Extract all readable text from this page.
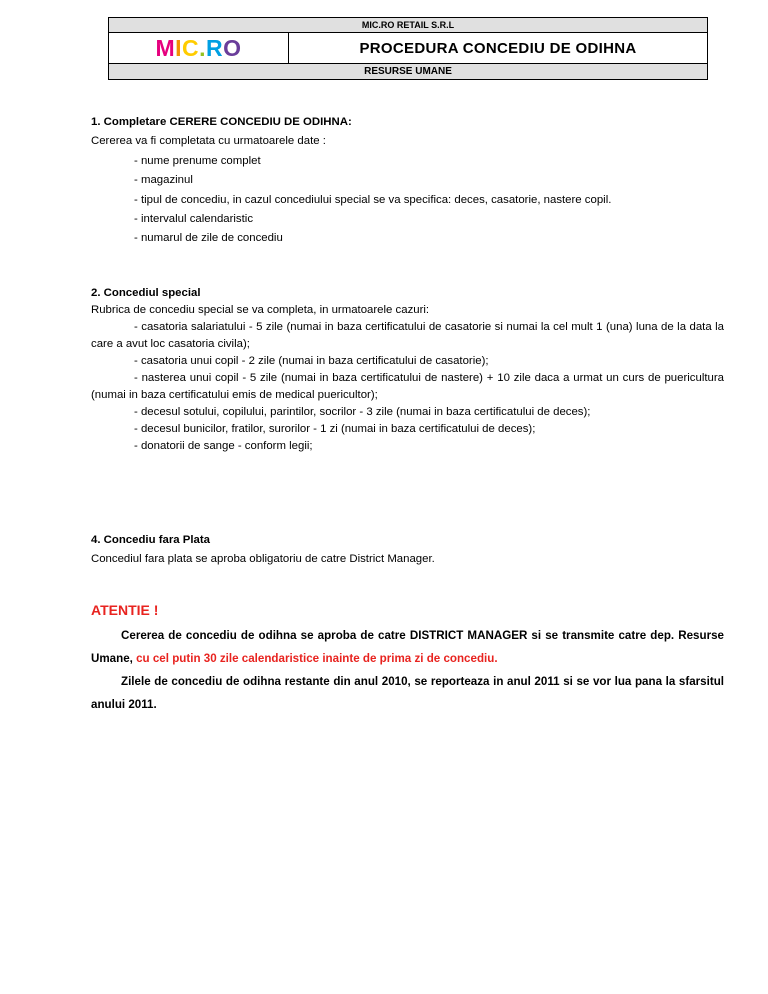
MIC.RO RETAIL S.R.L
MIC.RO	PROCEDURA CONCEDIU DE ODIHNA
RESURSE UMANE

1. Completare CERERE CONCEDIU DE ODIHNA:

Cererea va fi completata cu urmatoarele date :

- nume prenume complet

- magazinul

- tipul de concediu, in cazul concediului special se va specifica: deces, casatorie, nastere copil.

- intervalul calendaristic

- numarul de zile de concediu

2. Concediul special

Rubrica de concediu special se va completa, in urmatoarele cazuri:

- casatoria salariatului - 5 zile (numai in baza certificatului de casatorie si numai la cel mult 1 (una) luna de la data la care a avut loc casatoria civila);

- casatoria unui copil - 2 zile (numai in baza certificatului de casatorie);

- nasterea unui copil - 5 zile (numai in baza certificatului de nastere) + 10 zile daca a urmat un curs de puericultura (numai in baza certificatului emis de medical puericultor);

- decesul sotului, copilului, parintilor, socrilor - 3 zile (numai in baza certificatului de deces);

- decesul bunicilor, fratilor, surorilor - 1 zi (numai in baza certificatului de deces);

- donatorii de sange - conform legii;

4. Concediu fara Plata

Concediul fara plata se aproba obligatoriu de catre District Manager.

ATENTIE !

Cererea de concediu de odihna se aproba de catre DISTRICT MANAGER si se transmite catre dep. Resurse Umane, cu cel putin 30 zile calendaristice inainte de prima zi de concediu.

Zilele de concediu de odihna restante din anul 2010, se reporteaza in anul 2011 si se vor lua pana la sfarsitul anului 2011.
